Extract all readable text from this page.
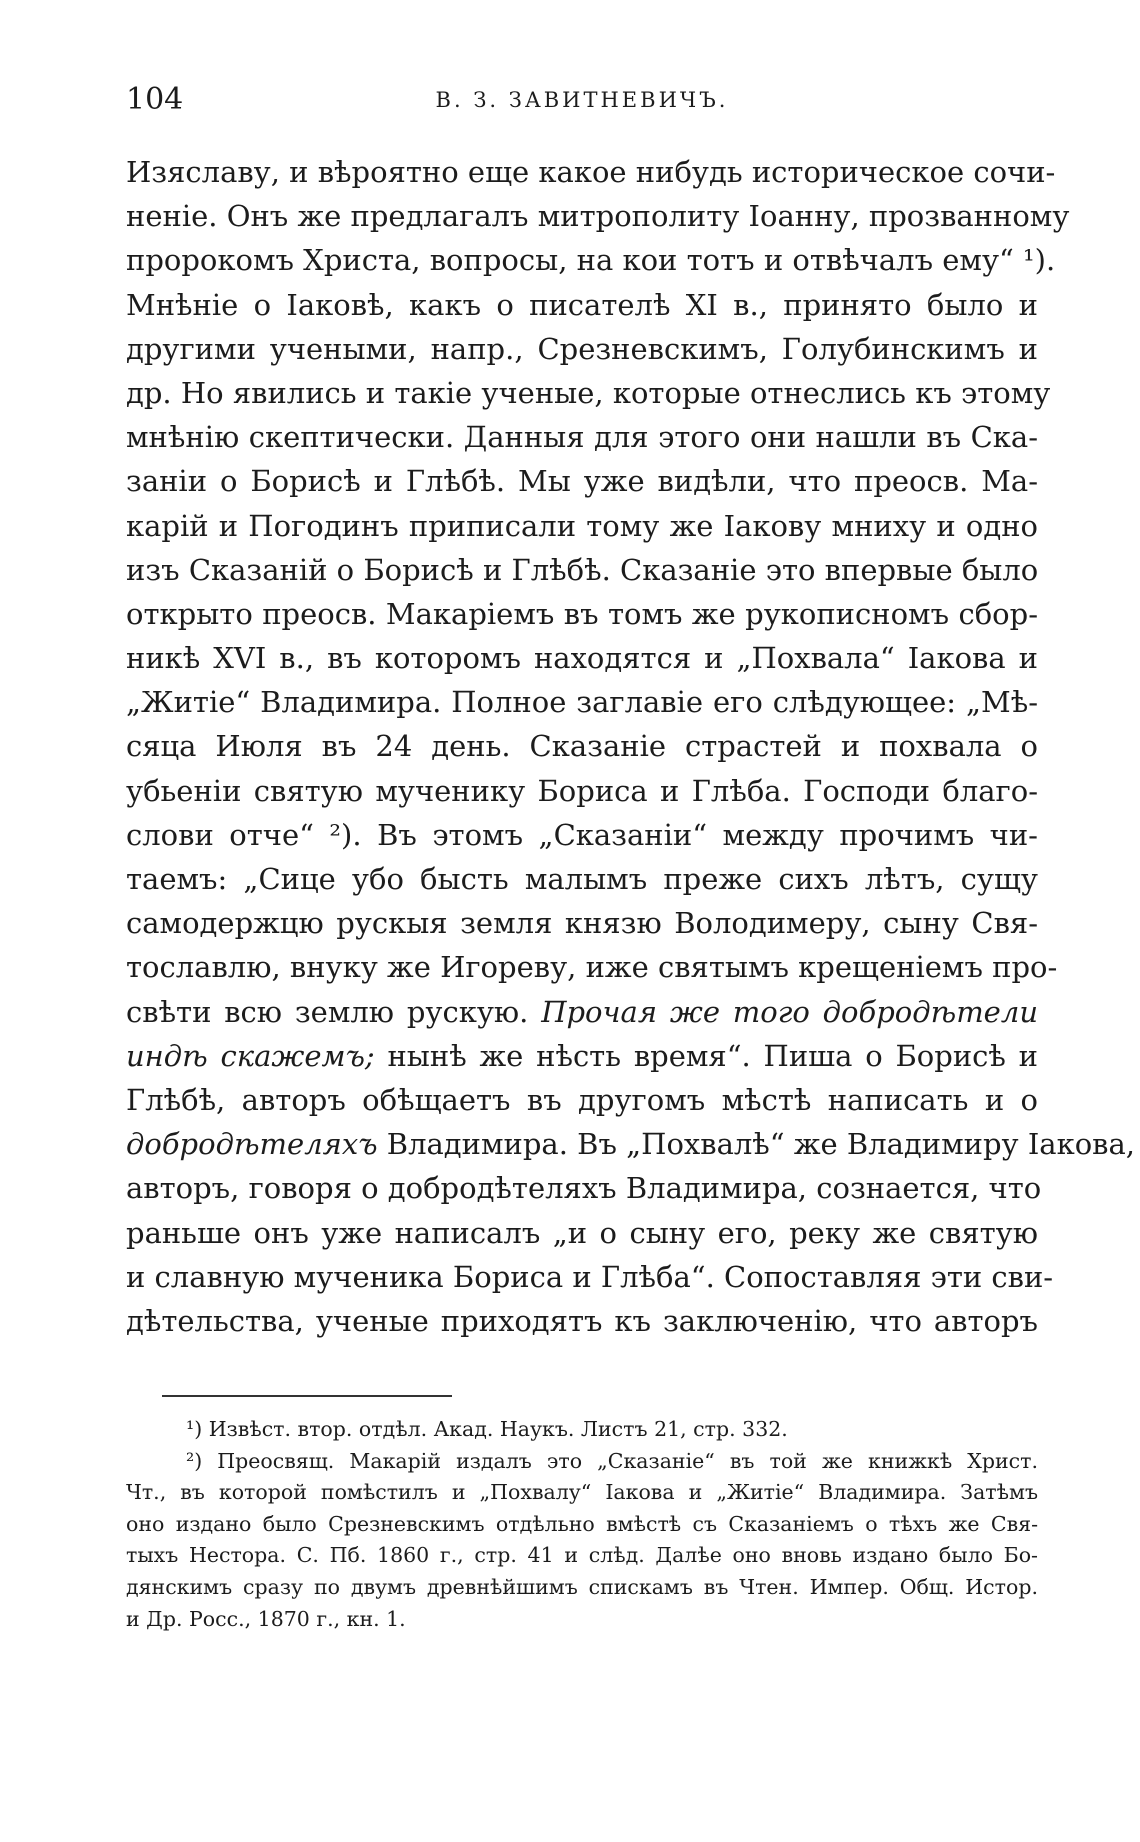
104	В. З. ЗАВИТНЕВИЧЪ.
Изяславу, и вѣроятно еще какое нибудь историческое сочи-
неніе. Онъ же предлагалъ митрополиту Іоанну, прозванному
пророкомъ Христа, вопросы, на кои тотъ и отвѣчалъ ему“ ¹).
Мнѣніе о Іаковѣ, какъ о писателѣ XI в., принято было и
другими учеными, напр., Срезневскимъ, Голубинскимъ и
др. Но явились и такіе ученые, которые отнеслись къ этому
мнѣнію скептически. Данныя для этого они нашли въ Ска-
заніи о Борисѣ и Глѣбѣ. Мы уже видѣли, что преосв. Ма-
карій и Погодинъ приписали тому же Іакову мниху и одно
изъ Сказаній о Борисѣ и Глѣбѣ. Сказаніе это впервые было
открыто преосв. Макаріемъ въ томъ же рукописномъ сбор-
никѣ XVI в., въ которомъ находятся и „Похвала“ Іакова и
„Житіе“ Владимира. Полное заглавіе его слѣдующее: „Мѣ-
сяца Июля въ 24 день. Сказаніе страстей и похвала о
убьеніи святую мученику Бориса и Глѣба. Господи благо-
слови отче“ ²). Въ этомъ „Сказаніи“ между прочимъ чи-
таемъ: „Сице убо бысть малымъ преже сихъ лѣтъ, сущу
самодержцю рускыя земля князю Володимеру, сыну Свя-
тославлю, внуку же Игореву, иже святымъ крещеніемъ про-
свѣти всю землю рускую. Прочая же того добродѣтели
индѣ скажемъ; нынѣ же нѣсть время“. Пиша о Борисѣ и
Глѣбѣ, авторъ обѣщаетъ въ другомъ мѣстѣ написать и о
добродѣтеляхъ Владимира. Въ „Похвалѣ“ же Владимиру Іакова,
авторъ, говоря о добродѣтеляхъ Владимира, сознается, что
раньше онъ уже написалъ „и о сыну его, реку же святую
и славную мученика Бориса и Глѣба“. Сопоставляя эти сви-
дѣтельства, ученые приходятъ къ заключенію, что авторъ
¹) Извѣст. втор. отдѣл. Акад. Наукъ. Листъ 21, стр. 332.
²) Преосвящ. Макарій издалъ это „Сказаніе“ въ той же книжкѣ Христ.
Чт., въ которой помѣстилъ и „Похвалу“ Іакова и „Житіе“ Владимира. Затѣмъ
оно издано было Срезневскимъ отдѣльно вмѣстѣ съ Сказаніемъ о тѣхъ же Свя-
тыхъ Нестора. С. Пб. 1860 г., стр. 41 и слѣд. Далѣе оно вновь издано было Бо-
дянскимъ сразу по двумъ древнѣйшимъ спискамъ въ Чтен. Импер. Общ. Истор.
и Др. Росс., 1870 г., кн. 1.
